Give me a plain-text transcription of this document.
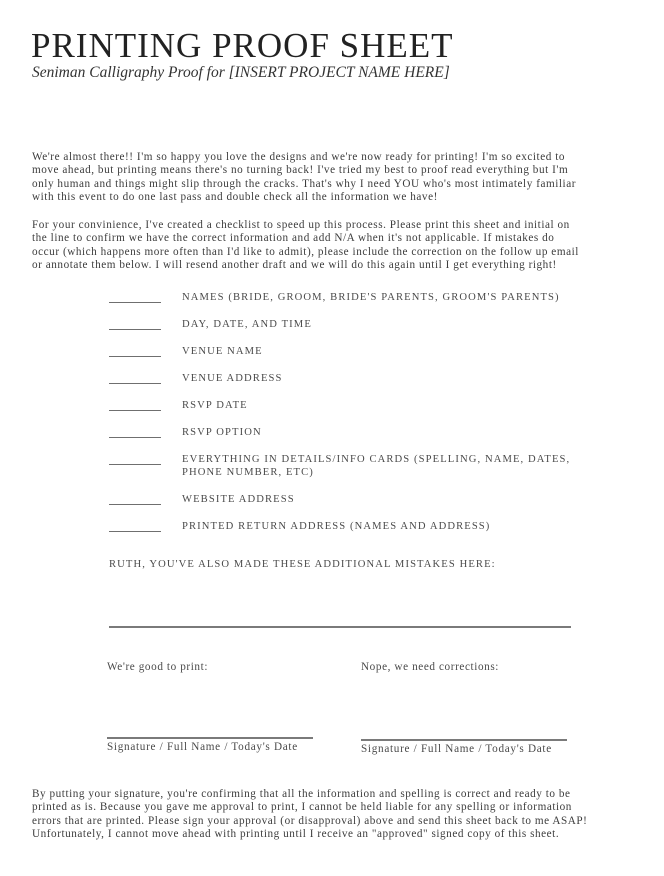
PRINTING PROOF SHEET
Seniman Calligraphy Proof for [INSERT PROJECT NAME HERE]
We're almost there!! I'm so happy you love the designs and we're now ready for printing! I'm so excited to
move ahead, but printing means there's no turning back! I've tried my best to proof read everything but I'm
only human and things might slip through the cracks. That's why I need YOU who's most intimately familiar
with this event to do one last pass and double check all the information we have!
For your convinience, I've created a checklist to speed up this process. Please print this sheet and initial on
the line to confirm we have the correct information and add N/A when it's not applicable. If mistakes do
occur (which happens more often than I'd like to admit), please include the correction on the follow up email
or annotate them below. I will resend another draft and we will do this again until I get everything right!
NAMES (BRIDE, GROOM, BRIDE'S PARENTS, GROOM'S PARENTS)
DAY, DATE, AND TIME
VENUE NAME
VENUE ADDRESS
RSVP DATE
RSVP OPTION
EVERYTHING IN DETAILS/INFO CARDS (SPELLING, NAME, DATES,
PHONE NUMBER, ETC)
WEBSITE ADDRESS
PRINTED RETURN ADDRESS (NAMES AND ADDRESS)
RUTH, YOU'VE ALSO MADE THESE ADDITIONAL MISTAKES HERE:
We're good to print:
Signature / Full Name / Today's Date
Nope, we need corrections:
Signature / Full Name / Today's Date
By putting your signature, you're confirming that all the information and spelling is correct and ready to be
printed as is. Because you gave me approval to print, I cannot be held liable for any spelling or information
errors that are printed. Please sign your approval (or disapproval) above and send this sheet back to me ASAP!
Unfortunately, I cannot move ahead with printing until I receive an "approved" signed copy of this sheet.
